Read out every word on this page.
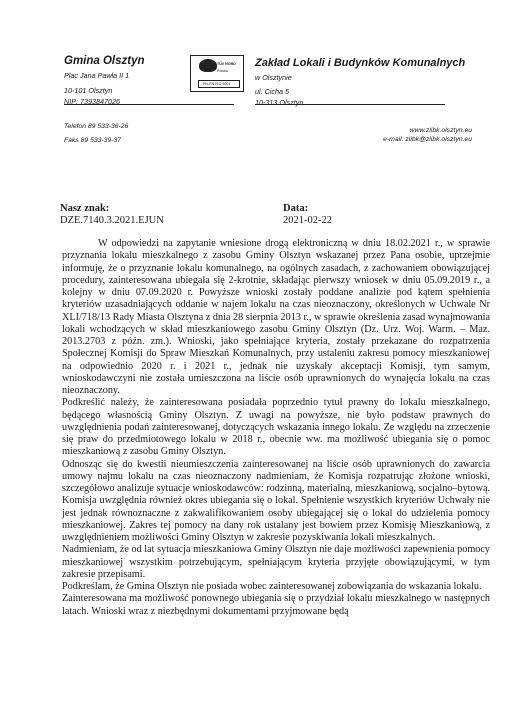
Gmina Olsztyn
Plac Jana Pawła II 1
10-101 Olsztyn
NIP: 7393847026
TÜV NORD
Polska
PN-EN ISO 9001
Zakład Lokali i Budynków Komunalnych
w Olsztynie
ul. Cicha 5
10-313 Olsztyn
Telefon 89 533-36-26
Faks 89 533-39-37
www.zlibk.olsztyn.eu
e-mail: zlibk@zlibk.olsztyn.eu
Nasz znak:
DZE.7140.3.2021.EJUN
Data:
2021-02-22

W odpowiedzi na zapytanie wniesione drogą elektroniczną w dniu 18.02.2021 r., w sprawie przyznania lokalu mieszkalnego z zasobu Gminy Olsztyn wskazanej przez Pana osobie, uprzejmie informuję, że o przyznanie lokalu komunalnego, na ogólnych zasadach, z zachowaniem obowiązującej procedury, zainteresowana ubiegała się 2-krotnie, składając pierwszy wniosek w dniu 05.09.2019 r., a kolejny w dniu 07.09.2020 r. Powyższe wnioski zostały poddane analizie pod kątem spełnienia kryteriów uzasadniających oddanie w najem lokalu na czas nieoznaczony, określonych w Uchwale Nr XLI/718/13 Rady Miasta Olsztyna z dnia 28 sierpnia 2013 r., w sprawie określenia zasad wynajmowania lokali wchodzących w skład mieszkaniowego zasobu Gminy Olsztyn (Dz. Urz. Woj. Warm. – Maz. 2013.2703 z późn. zm.). Wnioski, jako spełniające kryteria, zostały przekazane do rozpatrzenia Społecznej Komisji do Spraw Mieszkań Komunalnych, przy ustaleniu zakresu pomocy mieszkaniowej na odpowiednio 2020 r. i 2021 r., jednak nie uzyskały akceptacji Komisji, tym samym, wnioskodawczyni nie została umieszczona na liście osób uprawnionych do wynajęcia lokalu na czas nieoznaczony.

Podkreślić należy, że zainteresowana posiadała poprzednio tytuł prawny do lokalu mieszkalnego, będącego własnością Gminy Olsztyn. Z uwagi na powyższe, nie było podstaw prawnych do uwzględnienia podań zainteresowanej, dotyczących wskazania innego lokalu. Ze względu na zrzeczenie się praw do przedmiotowego lokalu w 2018 r., obecnie ww. ma możliwość ubiegania się o pomoc mieszkaniową z zasobu Gminy Olsztyn.

Odnosząc się do kwestii nieumieszczenia zainteresowanej na liście osób uprawnionych do zawarcia umowy najmu lokalu na czas nieoznaczony nadmieniam, że Komisja rozpatrując złożone wnioski, szczegółowo analizuje sytuacje wnioskodawców: rodzinną, materialną, mieszkaniową, socjalno–bytową. Komisja uwzględnia również okres ubiegania się o lokal. Spełnienie wszystkich kryteriów Uchwały nie jest jednak równoznaczne z zakwalifikowaniem osoby ubiegającej się o lokal do udzielenia pomocy mieszkaniowej. Zakres tej pomocy na dany rok ustalany jest bowiem przez Komisję Mieszkaniową, z uwzględnieniem możliwości Gminy Olsztyn w zakresie pozyskiwania lokali mieszkalnych.

Nadmieniam, że od lat sytuacja mieszkaniowa Gminy Olsztyn nie daje możliwości zapewnienia pomocy mieszkaniowej wszystkim potrzebującym, spełniającym kryteria przyjęte obowiązującymi, w tym zakresie przepisami.

Podkreślam, że Gmina Olsztyn nie posiada wobec zainteresowanej zobowiązania do wskazania lokalu.

Zainteresowana ma możliwość ponownego ubiegania się o przydział lokalu mieszkalnego w następnych latach. Wnioski wraz z niezbędnymi dokumentami przyjmowane będą
